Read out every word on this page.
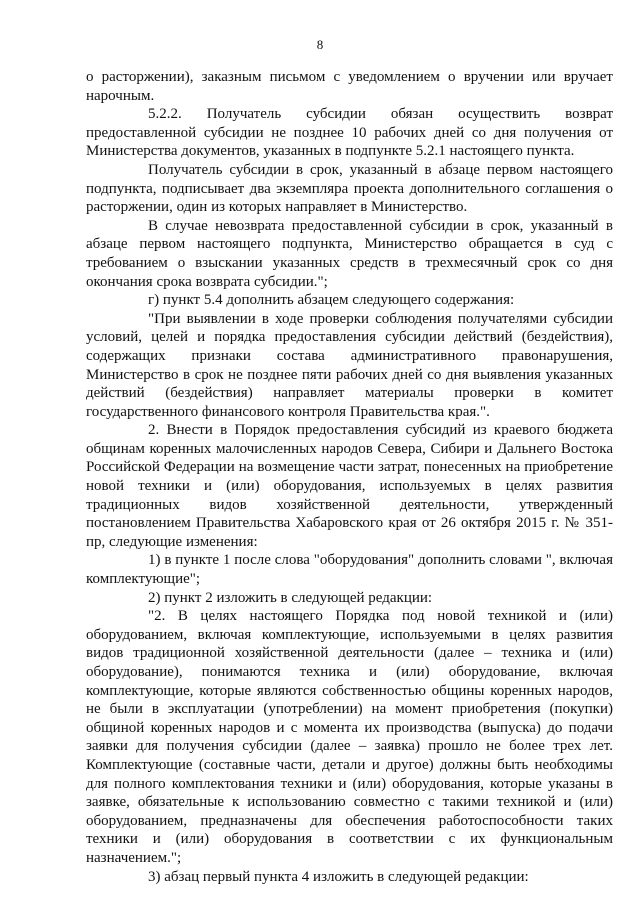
8

о расторжении), заказным письмом с уведомлением о вручении или вручает нарочным.

5.2.2. Получатель субсидии обязан осуществить возврат предоставленной субсидии не позднее 10 рабочих дней со дня получения от Министерства документов, указанных в подпункте 5.2.1 настоящего пункта.

Получатель субсидии в срок, указанный в абзаце первом настоящего подпункта, подписывает два экземпляра проекта дополнительного соглашения о расторжении, один из которых направляет в Министерство.

В случае невозврата предоставленной субсидии в срок, указанный в абзаце первом настоящего подпункта, Министерство обращается в суд с требованием о взыскании указанных средств в трехмесячный срок со дня окончания срока возврата субсидии.";

г) пункт 5.4 дополнить абзацем следующего содержания:

"При выявлении в ходе проверки соблюдения получателями субсидии условий, целей и порядка предоставления субсидии действий (бездействия), содержащих признаки состава административного правонарушения, Министерство в срок не позднее пяти рабочих дней со дня выявления указанных действий (бездействия) направляет материалы проверки в комитет государственного финансового контроля Правительства края.".

2. Внести в Порядок предоставления субсидий из краевого бюджета общинам коренных малочисленных народов Севера, Сибири и Дальнего Востока Российской Федерации на возмещение части затрат, понесенных на приобретение новой техники и (или) оборудования, используемых в целях развития традиционных видов хозяйственной деятельности, утвержденный постановлением Правительства Хабаровского края от 26 октября 2015 г. № 351-пр, следующие изменения:

1) в пункте 1 после слова "оборудования" дополнить словами ", включая комплектующие";

2) пункт 2 изложить в следующей редакции:

"2. В целях настоящего Порядка под новой техникой и (или) оборудованием, включая комплектующие, используемыми в целях развития видов традиционной хозяйственной деятельности (далее – техника и (или) оборудование), понимаются техника и (или) оборудование, включая комплектующие, которые являются собственностью общины коренных народов, не были в эксплуатации (употреблении) на момент приобретения (покупки) общиной коренных народов и с момента их производства (выпуска) до подачи заявки для получения субсидии (далее – заявка) прошло не более трех лет. Комплектующие (составные части, детали и другое) должны быть необходимы для полного комплектования техники и (или) оборудования, которые указаны в заявке, обязательные к использованию совместно с такими техникой и (или) оборудованием, предназначены для обеспечения работоспособности таких техники и (или) оборудования в соответствии с их функциональным назначением.";

3) абзац первый пункта 4 изложить в следующей редакции:
